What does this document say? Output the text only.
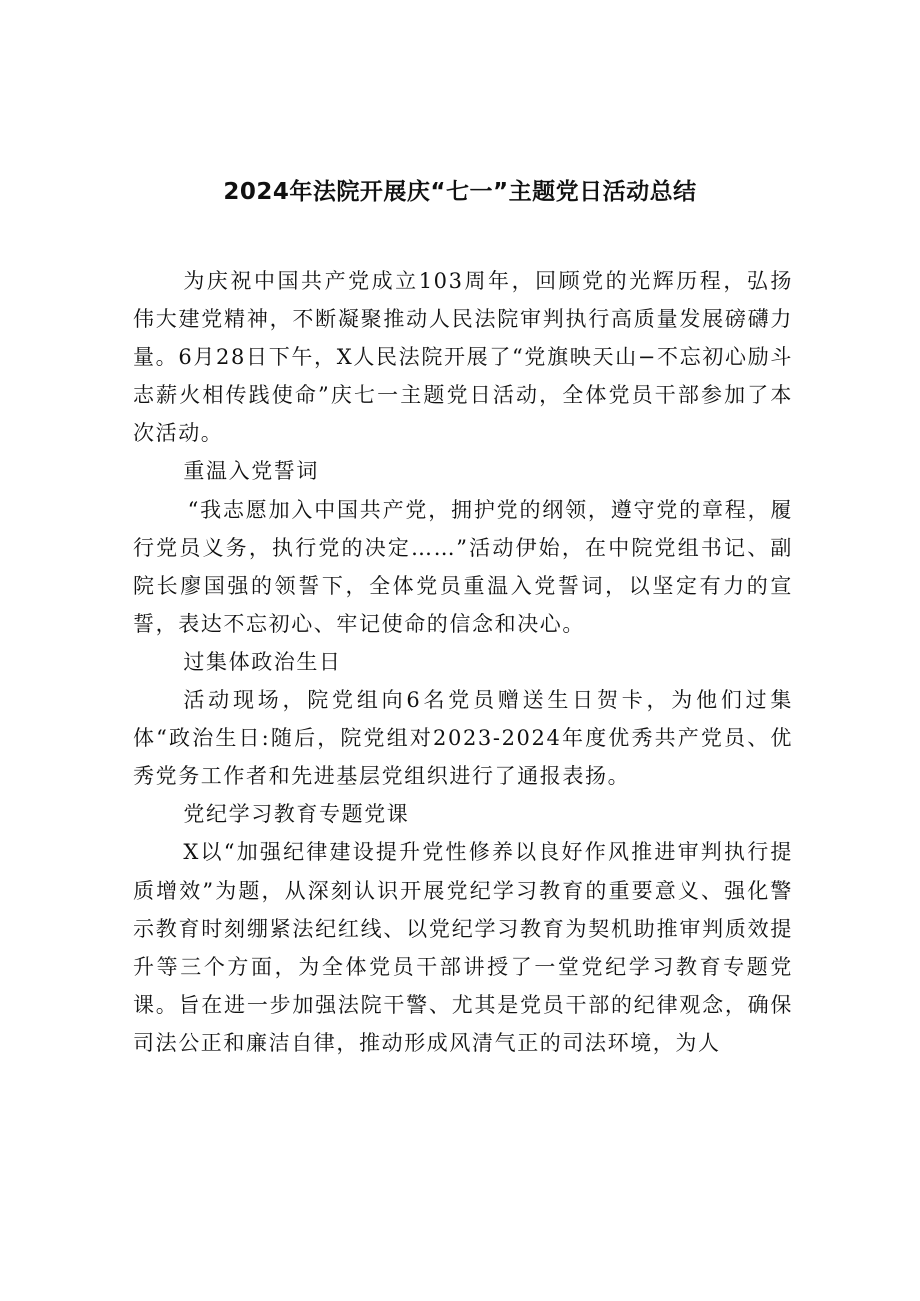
2024年法院开展庆“七一”主题党日活动总结

为庆祝中国共产党成立103周年，回顾党的光辉历程，弘扬伟大建党精神，不断凝聚推动人民法院审判执行高质量发展磅礴力量。6月28日下午，X人民法院开展了“党旗映天山−不忘初心励斗志薪火相传践使命”庆七一主题党日活动，全体党员干部参加了本次活动。

重温入党誓词

“我志愿加入中国共产党，拥护党的纲领，遵守党的章程，履行党员义务，执行党的决定……”活动伊始，在中院党组书记、副院长廖国强的领誓下，全体党员重温入党誓词，以坚定有力的宣誓，表达不忘初心、牢记使命的信念和决心。

过集体政治生日

活动现场，院党组向6名党员赠送生日贺卡，为他们过集体“政治生日:随后，院党组对2023-2024年度优秀共产党员、优秀党务工作者和先进基层党组织进行了通报表扬。

党纪学习教育专题党课

X以“加强纪律建设提升党性修养以良好作风推进审判执行提质增效”为题，从深刻认识开展党纪学习教育的重要意义、强化警示教育时刻绷紧法纪红线、以党纪学习教育为契机助推审判质效提升等三个方面，为全体党员干部讲授了一堂党纪学习教育专题党课。旨在进一步加强法院干警、尤其是党员干部的纪律观念，确保司法公正和廉洁自律，推动形成风清气正的司法环境，为人
